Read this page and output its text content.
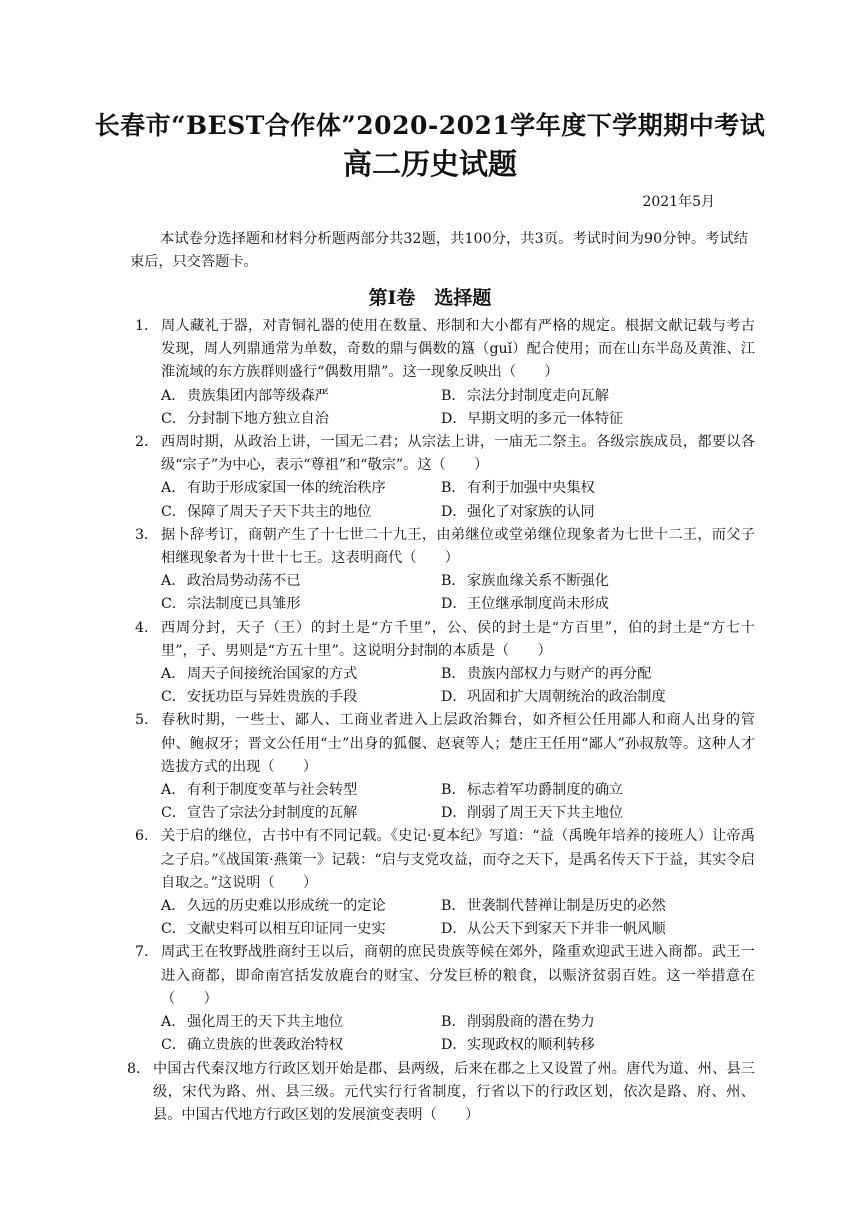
长春市“BEST合作体”2020-2021学年度下学期期中考试
高二历史试题
2021年5月
本试卷分选择题和材料分析题两部分共32题，共100分，共3页。考试时间为90分钟。考试结束后，只交答题卡。
第Ⅰ卷　选择题
1． 周人藏礼于器，对青铜礼器的使用在数量、形制和大小都有严格的规定。根据文献记载与考古发现，周人列鼎通常为单数，奇数的鼎与偶数的簋（guǐ）配合使用；而在山东半岛及黄淮、江淮流域的东方族群则盛行“偶数用鼎”。这一现象反映出（　　）
A． 贵族集团内部等级森严	B．宗法分封制度走向瓦解
C．分封制下地方独立自治	D．早期文明的多元一体特征
2． 西周时期，从政治上讲，一国无二君；从宗法上讲，一庙无二祭主。各级宗族成员，都要以各级“宗子”为中心，表示“尊祖”和“敬宗”。这（　　）
A． 有助于形成家国一体的统治秩序	B．有利于加强中央集权
C．保障了周天子天下共主的地位	D．强化了对家族的认同
3． 据卜辞考订，商朝产生了十七世二十九王，由弟继位或堂弟继位现象者为七世十二王，而父子相继现象者为十世十七王。这表明商代（　　）
A． 政治局势动荡不已	B．家族血缘关系不断强化
C．宗法制度已具雏形	D．王位继承制度尚未形成
4． 西周分封，天子（王）的封土是“方千里”，公、侯的封土是“方百里”，伯的封土是“方七十里”，子、男则是“方五十里”。这说明分封制的本质是（　　）
A． 周天子间接统治国家的方式	B．贵族内部权力与财产的再分配
C．安抚功臣与异姓贵族的手段	D．巩固和扩大周朝统治的政治制度
5． 春秋时期，一些士、鄙人、工商业者进入上层政治舞台，如齐桓公任用鄙人和商人出身的管仲、鲍叔牙；晋文公任用“士”出身的狐偃、赵衰等人；楚庄王任用“鄙人”孙叔敖等。这种人才选拔方式的出现（　　）
A． 有利于制度变革与社会转型	B．标志着军功爵制度的确立
C．宣告了宗法分封制度的瓦解	D．削弱了周王天下共主地位
6． 关于启的继位，古书中有不同记载。《史记·夏本纪》写道：“益（禹晚年培养的接班人）让帝禹之子启。”《战国策·燕策一》记载：“启与支党攻益，而夺之天下，是禹名传天下于益，其实令启自取之。”这说明（　　）
A． 久远的历史难以形成统一的定论	B．世袭制代替禅让制是历史的必然
C．文献史料可以相互印证同一史实	D．从公天下到家天下并非一帆风顺
7． 周武王在牧野战胜商纣王以后，商朝的庶民贵族等候在郊外，隆重欢迎武王进入商都。武王一进入商都，即命南宫括发放鹿台的财宝、分发巨桥的粮食，以赈济贫弱百姓。这一举措意在（　　）
A． 强化周王的天下共主地位	B．削弱殷商的潜在势力
C．确立贵族的世袭政治特权	D．实现政权的顺利转移
8． 中国古代秦汉地方行政区划开始是郡、县两级，后来在郡之上又设置了州。唐代为道、州、县三级，宋代为路、州、县三级。元代实行行省制度，行省以下的行政区划，依次是路、府、州、县。中国古代地方行政区划的发展演变表明（　　）
